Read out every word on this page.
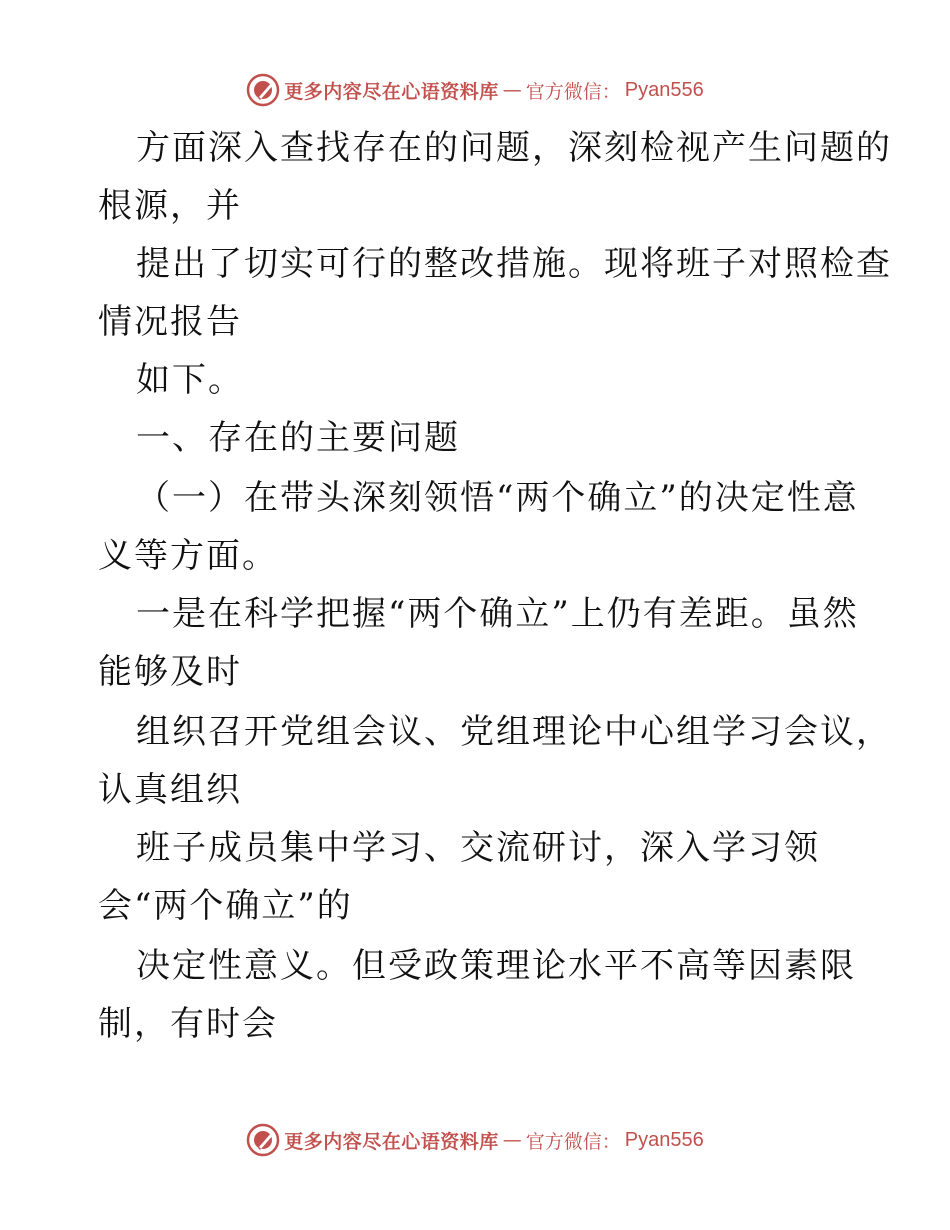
更多内容尽在心语资料库 — 官方微信： Pyan556
方面深入查找存在的问题，深刻检视产生问题的
根源，并
提出了切实可行的整改措施。现将班子对照检查
情况报告
如下。
一、存在的主要问题
（一）在带头深刻领悟“两个确立”的决定性意
义等方面。
一是在科学把握“两个确立”上仍有差距。虽然
能够及时
组织召开党组会议、党组理论中心组学习会议，
认真组织
班子成员集中学习、交流研讨，深入学习领
会“两个确立”的
决定性意义。但受政策理论水平不高等因素限
制，有时会
更多内容尽在心语资料库 — 官方微信： Pyan556
